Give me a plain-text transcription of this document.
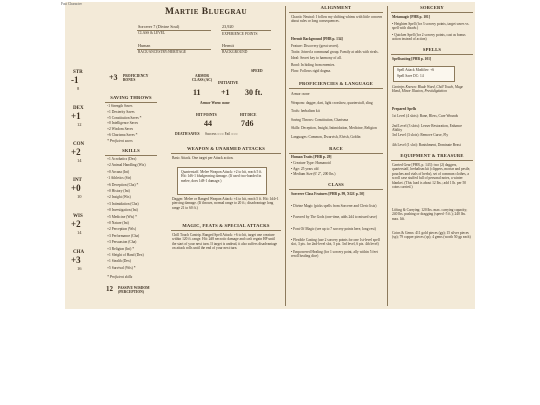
Fast Character
Martie Bluegrau
Sorcerer 7 (Divine Soul)
CLASS & LEVEL
23,920
EXPERIENCE POINTS
Human
RACE/ANCESTRY/HERITAGE
Hermit
BACKGROUND
STR
-1
8
DEX
+1
12
CON
+2
14
INT
+0
10
WIS
+2
14
CHA
+3
16
+3 PROFICIENCY BONUS
SAVING THROWS
-1 Strength Saves
+1 Dexterity Saves
+5 Constitution Saves *
+0 Intelligence Saves
+2 Wisdom Saves
+6 Charisma Saves *
* Proficient saves
SKILLS
+1 Acrobatics (Dex)
+2 Animal Handling (Wis)
+0 Arcana (Int)
-1 Athletics (Str)
+6 Deception (Cha) *
+0 History (Int)
+2 Insight (Wis)
+3 Intimidation (Cha)
+0 Investigation (Int)
+5 Medicine (Wis) *
+0 Nature (Int)
+2 Perception (Wis)
+3 Performance (Cha)
+3 Persuasion (Cha)
+3 Religion (Int) *
+1 Sleight of Hand (Dex)
+1 Stealth (Dex)
+5 Survival (Wis) *
* Proficient skills
12 PASSIVE WISDOM (PERCEPTION)
ARMOR CLASS (AC)
INITIATIVE
SPEED
11	+1 30 ft.
Armor Worn: none
HIT POINTS	HIT DICE
44	7d6
DEATH SAVES Success ○○○ Fail ○○○
WEAPON & UNARMED ATTACKS
Basic Attack. One target per Attack action.
Quarterstaff. Melee Weapon Attack: +2 to hit, reach 5 ft. Hit: 1d6-1 bludgeoning damage. (If used two-handed in melee, does 1d8-1 damage.)
Dagger. Melee or Ranged Weapon Attack: +4 to hit, reach 5 ft. Hit: 1d4+1 piercing damage. (If thrown, normal range to 20 ft.; disadvantage long range 21 to 60 ft.)
MAGIC, FEATS & SPECIAL ATTACKS
Chill Touch Cantrip. Ranged Spell Attack: +6 to hit, target one creature within 120 ft. range. Hit: 2d8 necrotic damage and can't regain HP until the start of your next turn. If target is undead, it also suffers disadvantage on attack rolls until the end of your next turn.
ALIGNMENT
Chaotic Neutral: I follow my shifting whims with little concern about rules or long consequences.
Hermit Background [PHB p. 134]
Feature: Discovery (great secret).
Traits: Joined a communal group. Family at odds with rivals.
Ideal: Secret key to harmony of all.
Bond: In hiding from enemies.
Flaw: Follows rigid dogma.
PROFICIENCIES & LANGUAGE
Armor: none
Weapons: dagger, dart, light crossbow, quarterstaff, sling
Tools: herbalism kit
Saving Throws: Constitution, Charisma
Skills: Deception, Insight, Intimidation, Medicine, Religion
Languages: Common, Dwarvish, Elvish, Goblin
RACE
Human Traits [PHB p. 29]
• Creature Type: Humanoid
• Age: 25 years old
• Medium Size (6' 2", 200 lbs.)
CLASS
Sorcerer Class Features [PHB p. 99, XGE p. 50]
• Divine Magic (picks spells from Sorcerer and Cleric lists)
• Favored by The Gods (one-time, adds 2d4 to missed save)
• Font Of Magic (see up to 7 sorcery points here, long rest)
• Flexible Casting (use 2 sorcery points for one 1st-level spell slot, 3 pts. for 2nd-level slot, 5 pts. 3rd level, 6 pts. 4th level)
• Empowered Healing (for 1 sorcery point, ally within 5 feet reroll healing dice)
SORCERY
Metamagic [PHB p. 101]
• Heighten Spell (for 3 sorcery points, target saves vs. spell with disadv.)
• Quicken Spell (for 2 sorcery points, cast as bonus action instead of action)
SPELLS
Spellcasting [PHB p. 101]
Spell Attack Modifier: +6
Spell Save DC: 14
Cantrips Known: Blade Ward, Chill Touch, Mage Hand, Minor Illusion, Prestidigitation
Prepared Spells
1st Level (4 slots): Bane, Bless, Cure Wounds
2nd Level (3 slots): Lesser Restoration, Enhance Ability
3rd Level (3 slots): Remove Curse, Fly
4th Level (1 slot): Banishment, Dominate Beast
EQUIPMENT & TREASURE
Carried Gear [PHB, p. 143]: two (2) daggers, quarterstaff, herbalism kit (clippers, mortar and pestle, pouches and vials of herbs), set of common clothes, a scroll case stuffed full of personal notes, a winter blanket. (This load is about 12 lbs.; add 1 lb. per 50 coins carried.)
Lifting & Carrying: 120 lbs. max. carrying capacity; 240 lbs. pushing or dragging (speed -5 ft.); 240 lbs. max. lift.
Coins & Gems: 411 gold pieces (gp); 15 silver pieces (sp); 79 copper pieces (cp); 4 gems (worth 50 gp each)
